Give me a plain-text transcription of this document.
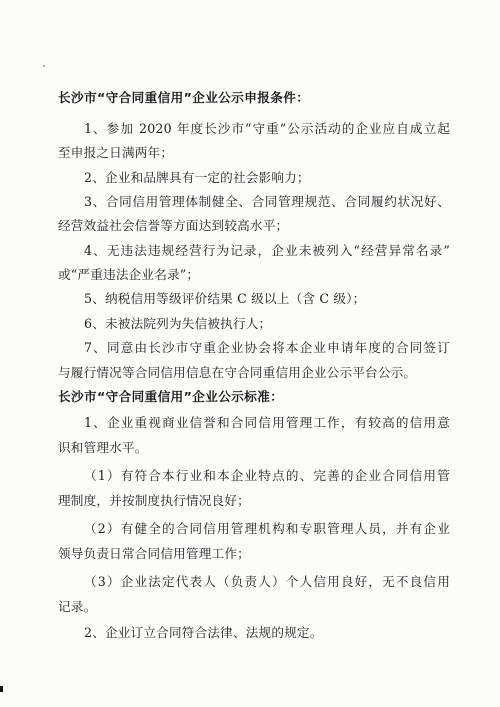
长沙市“守合同重信用”企业公示申报条件：
1、参加 2020 年度长沙市“守重”公示活动的企业应自成立起
至申报之日满两年；
2、企业和品牌具有一定的社会影响力；
3、合同信用管理体制健全、合同管理规范、合同履约状况好、
经营效益社会信誉等方面达到较高水平；
4、无违法违规经营行为记录，企业未被列入“经营异常名录”
或“严重违法企业名录”；
5、纳税信用等级评价结果 C 级以上（含 C 级）；
6、未被法院列为失信被执行人；
7、同意由长沙市守重企业协会将本企业申请年度的合同签订
与履行情况等合同信用信息在守合同重信用企业公示平台公示。
长沙市“守合同重信用”企业公示标准：
1、企业重视商业信誉和合同信用管理工作，有较高的信用意
识和管理水平。
（1）有符合本行业和本企业特点的、完善的企业合同信用管
理制度，并按制度执行情况良好；
（2）有健全的合同信用管理机构和专职管理人员，并有企业
领导负责日常合同信用管理工作；
（3）企业法定代表人（负责人）个人信用良好，无不良信用
记录。
2、企业订立合同符合法律、法规的规定。
